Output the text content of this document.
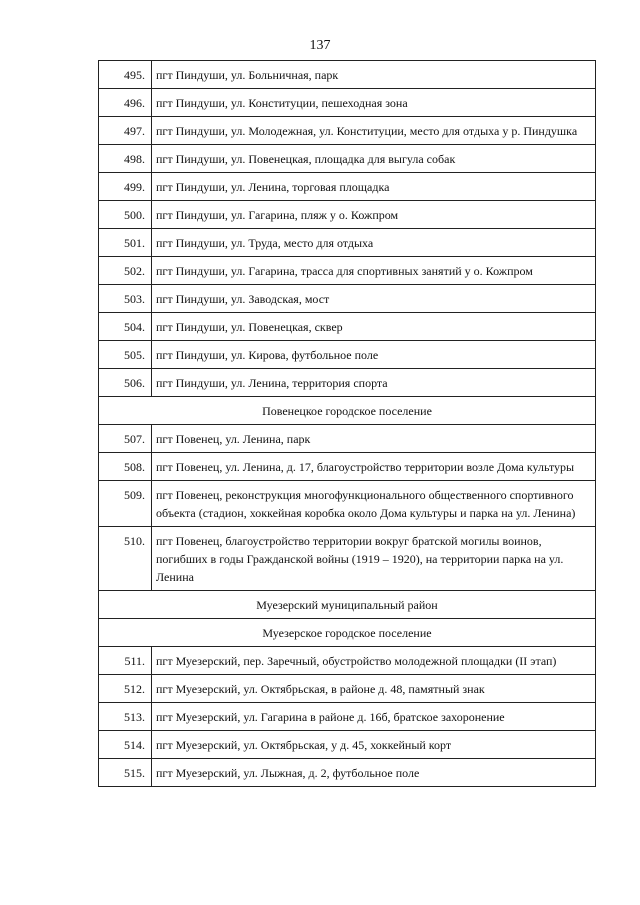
137
495.	пгт Пиндуши, ул. Больничная, парк
496.	пгт Пиндуши, ул. Конституции, пешеходная зона
497.	пгт Пиндуши, ул. Молодежная, ул. Конституции, место для отдыха у р. Пиндушка
498.	пгт Пиндуши, ул. Повенецкая, площадка для выгула собак
499.	пгт Пиндуши, ул. Ленина, торговая площадка
500.	пгт Пиндуши, ул. Гагарина, пляж у о. Кожпром
501.	пгт Пиндуши, ул. Труда, место для отдыха
502.	пгт Пиндуши, ул. Гагарина, трасса для спортивных занятий у о. Кожпром
503.	пгт Пиндуши, ул. Заводская, мост
504.	пгт Пиндуши, ул. Повенецкая, сквер
505.	пгт Пиндуши, ул. Кирова, футбольное поле
506.	пгт Пиндуши, ул. Ленина, территория спорта
Повенецкое городское поселение	
507.	пгт Повенец, ул. Ленина, парк
508.	пгт Повенец, ул. Ленина, д. 17, благоустройство территории возле Дома культуры
509.	пгт Повенец, реконструкция многофункционального общественного спортивного объекта (стадион, хоккейная коробка около Дома культуры и парка на ул. Ленина)
510.	пгт Повенец, благоустройство территории вокруг братской могилы воинов, погибших в годы Гражданской войны (1919 – 1920), на территории парка на ул. Ленина
Муезерский муниципальный район	
Муезерское городское поселение	
511.	пгт Муезерский, пер. Заречный, обустройство молодежной площадки (II этап)
512.	пгт Муезерский, ул. Октябрьская, в районе д. 48, памятный знак
513.	пгт Муезерский, ул. Гагарина в районе д. 16б, братское захоронение
514.	пгт Муезерский, ул. Октябрьская, у д. 45, хоккейный корт
515.	пгт Муезерский, ул. Лыжная, д. 2, футбольное поле
